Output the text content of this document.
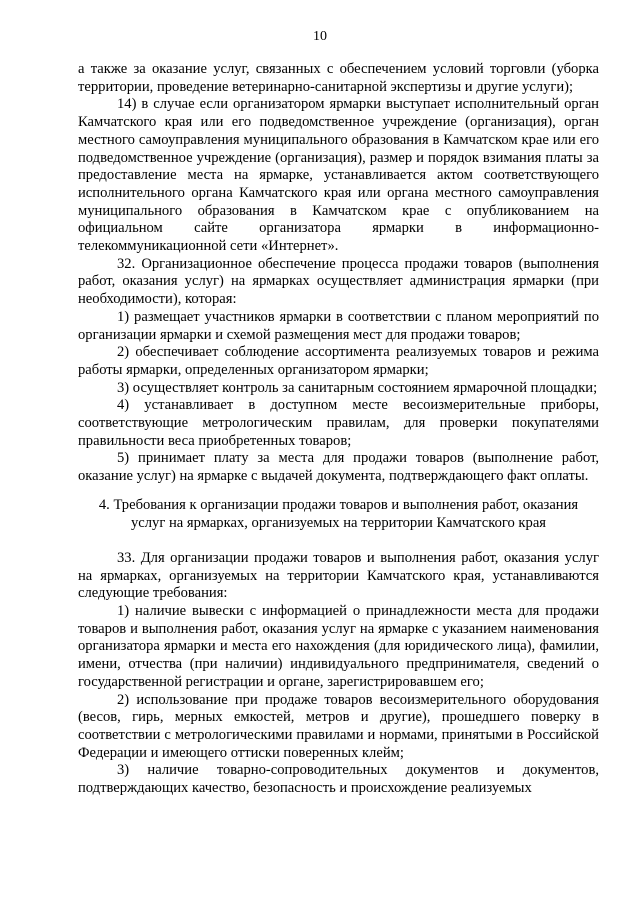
10

а также за оказание услуг, связанных с обеспечением условий торговли (уборка территории, проведение ветеринарно-санитарной экспертизы и другие услуги);

14) в случае если организатором ярмарки выступает исполнительный орган Камчатского края или его подведомственное учреждение (организация), орган местного самоуправления муниципального образования в Камчатском крае или его подведомственное учреждение (организация), размер и порядок взимания платы за предоставление места на ярмарке, устанавливается актом соответствующего исполнительного органа Камчатского края или органа местного самоуправления муниципального образования в Камчатском крае с опубликованием на официальном сайте организатора ярмарки в информационно-телекоммуникационной сети «Интернет».

32. Организационное обеспечение процесса продажи товаров (выполнения работ, оказания услуг) на ярмарках осуществляет администрация ярмарки (при необходимости), которая:

1) размещает участников ярмарки в соответствии с планом мероприятий по организации ярмарки и схемой размещения мест для продажи товаров;

2) обеспечивает соблюдение ассортимента реализуемых товаров и режима работы ярмарки, определенных организатором ярмарки;

3) осуществляет контроль за санитарным состоянием ярмарочной площадки;

4) устанавливает в доступном месте весоизмерительные приборы, соответствующие метрологическим правилам, для проверки покупателями правильности веса приобретенных товаров;

5) принимает плату за места для продажи товаров (выполнение работ, оказание услуг) на ярмарке с выдачей документа, подтверждающего факт оплаты.

4. Требования к организации продажи товаров и выполнения работ, оказания
услуг на ярмарках, организуемых на территории Камчатского края

33. Для организации продажи товаров и выполнения работ, оказания услуг на ярмарках, организуемых на территории Камчатского края, устанавливаются следующие требования:

1) наличие вывески с информацией о принадлежности места для продажи товаров и выполнения работ, оказания услуг на ярмарке с указанием наименования организатора ярмарки и места его нахождения (для юридического лица), фамилии, имени, отчества (при наличии) индивидуального предпринимателя, сведений о государственной регистрации и органе, зарегистрировавшем его;

2) использование при продаже товаров весоизмерительного оборудования (весов, гирь, мерных емкостей, метров и другие), прошедшего поверку в соответствии с метрологическими правилами и нормами, принятыми в Российской Федерации и имеющего оттиски поверенных клейм;

3) наличие товарно-сопроводительных документов и документов, подтверждающих качество, безопасность и происхождение реализуемых
